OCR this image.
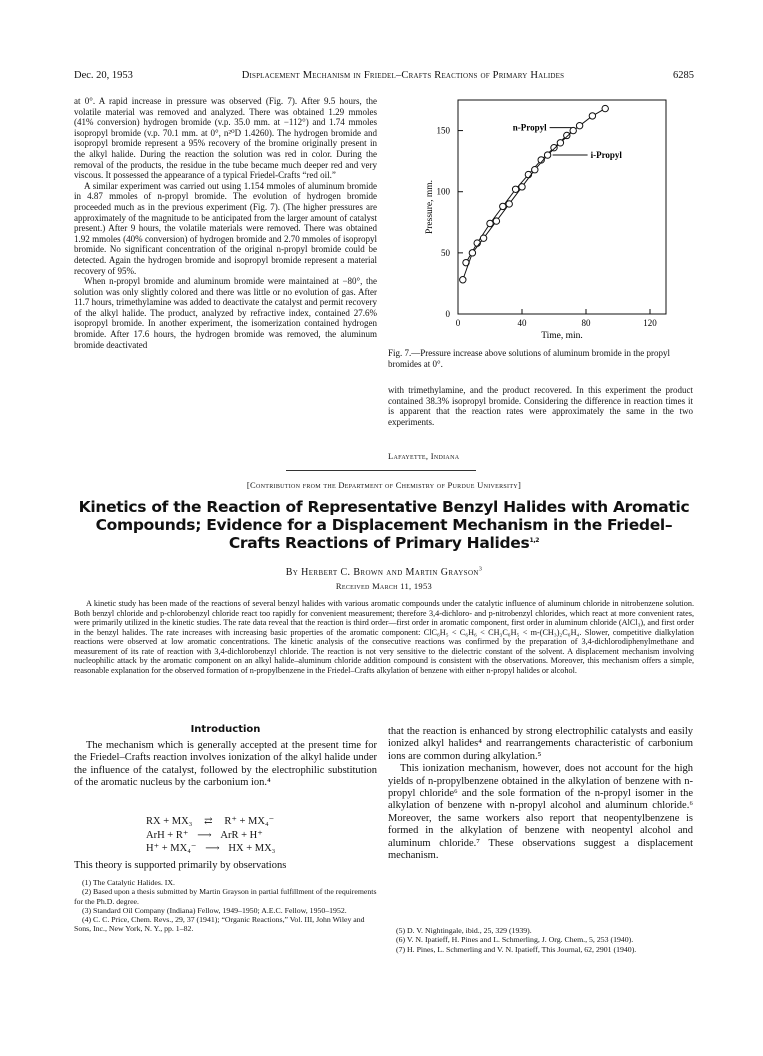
Dec. 20, 1953	Displacement Mechanism in Friedel–Crafts Reactions of Primary Halides	6285

at 0°. A rapid increase in pressure was observed (Fig. 7). After 9.5 hours, the volatile material was removed and analyzed. There was obtained 1.29 mmoles (41% conversion) hydrogen bromide (v.p. 35.0 mm. at −112°) and 1.74 mmoles isopropyl bromide (v.p. 70.1 mm. at 0°, n²⁰D 1.4260). The hydrogen bromide and isopropyl bromide represent a 95% recovery of the bromine originally present in the alkyl halide. During the reaction the solution was red in color. During the removal of the products, the residue in the tube became much deeper red and very viscous. It possessed the appearance of a typical Friedel-Crafts “red oil.”

A similar experiment was carried out using 1.154 mmoles of aluminum bromide in 4.87 mmoles of n-propyl bromide. The evolution of hydrogen bromide proceeded much as in the previous experiment (Fig. 7). (The higher pressures are approximately of the magnitude to be anticipated from the larger amount of catalyst present.) After 9 hours, the volatile materials were removed. There was obtained 1.92 mmoles (40% conversion) of hydrogen bromide and 2.70 mmoles of isopropyl bromide. No significant concentration of the original n-propyl bromide could be detected. Again the hydrogen bromide and isopropyl bromide represent a material recovery of 95%.

When n-propyl bromide and aluminum bromide were maintained at −80°, the solution was only slightly colored and there was little or no evolution of gas. After 11.7 hours, trimethylamine was added to deactivate the catalyst and permit recovery of the alkyl halide. The product, analyzed by refractive index, contained 27.6% isopropyl bromide. In another experiment, the isomerization contained hydrogen bromide. After 17.6 hours, the hydrogen bromide was removed, the aluminum bromide deactivated

0	40	80	120
0
50
100
150
Time, min.
Pressure, mm.
n-Propyl
i-Propyl
Fig. 7.—Pressure increase above solutions of aluminum bromide in the propyl bromides at 0°.

with trimethylamine, and the product recovered. In this experiment the product contained 38.3% isopropyl bromide. Considering the difference in reaction times it is apparent that the reaction rates were approximately the same in the two experiments.

Lafayette, Indiana
[Contribution from the Department of Chemistry of Purdue University]
Kinetics of the Reaction of Representative Benzyl Halides with Aromatic Compounds; Evidence for a Displacement Mechanism in the Friedel–Crafts Reactions of Primary Halides$^{1,2}$
By Herbert C. Brown and Martin Grayson$^3$
Received March 11, 1953

A kinetic study has been made of the reactions of several benzyl halides with various aromatic compounds under the catalytic influence of aluminum chloride in nitrobenzene solution. Both benzyl chloride and p-chlorobenzyl chloride react too rapidly for convenient measurement; therefore 3,4-dichloro- and p-nitrobenzyl chlorides, which react at more convenient rates, were primarily utilized in the kinetic studies. The rate data reveal that the reaction is third order—first order in aromatic component, first order in aluminum chloride (AlCl₃), and first order in the benzyl halides. The rate increases with increasing basic properties of the aromatic component: ClC₆H₅ < C₆H₆ < CH₃C₆H₅ < m-(CH₃)₂C₆H₄. Slower, competitive dialkylation reactions were observed at low aromatic concentrations. The kinetic analysis of the consecutive reactions was confirmed by the preparation of 3,4-dichlorodiphenylmethane and measurement of its rate of reaction with 3,4-dichlorobenzyl chloride. The reaction is not very sensitive to the dielectric constant of the solvent. A displacement mechanism involving nucleophilic attack by the aromatic component on an alkyl halide–aluminum chloride addition compound is consistent with the observations. Moreover, this mechanism offers a simple, reasonable explanation for the observed formation of n-propylbenzene in the Friedel–Crafts alkylation of benzene with either n-propyl halides or alcohol.

Introduction

The mechanism which is generally accepted at the present time for the Friedel–Crafts reaction involves ionization of the alkyl halide under the influence of the catalyst, followed by the electrophilic substitution of the aromatic nucleus by the carbonium ion.⁴

RX + MX₃	⇄	R⁺ + MX₄⁻
ArH + R⁺ ⟶ ArR + H⁺
H⁺ + MX₄⁻ ⟶ HX + MX₃
This theory is supported primarily by observations
(1) The Catalytic Halides. IX.
(2) Based upon a thesis submitted by Martin Grayson in partial fulfillment of the requirements for the Ph.D. degree.
(3) Standard Oil Company (Indiana) Fellow, 1949–1950; A.E.C. Fellow, 1950–1952.
(4) C. C. Price, Chem. Revs., 29, 37 (1941); “Organic Reactions,” Vol. III, John Wiley and Sons, Inc., New York, N. Y., pp. 1–82.

that the reaction is enhanced by strong electrophilic catalysts and easily ionized alkyl halides⁴ and rearrangements characteristic of carbonium ions are common during alkylation.⁵

This ionization mechanism, however, does not account for the high yields of n-propylbenzene obtained in the alkylation of benzene with n-propyl chloride⁶ and the sole formation of the n-propyl isomer in the alkylation of benzene with n-propyl alcohol and aluminum chloride.⁶ Moreover, the same workers also report that neopentylbenzene is formed in the alkylation of benzene with neopentyl alcohol and aluminum chloride.⁷ These observations suggest a displacement mechanism.

(5) D. V. Nightingale, ibid., 25, 329 (1939).
(6) V. N. Ipatieff, H. Pines and L. Schmerling, J. Org. Chem., 5, 253 (1940).
(7) H. Pines, L. Schmerling and V. N. Ipatieff, This Journal, 62, 2901 (1940).
